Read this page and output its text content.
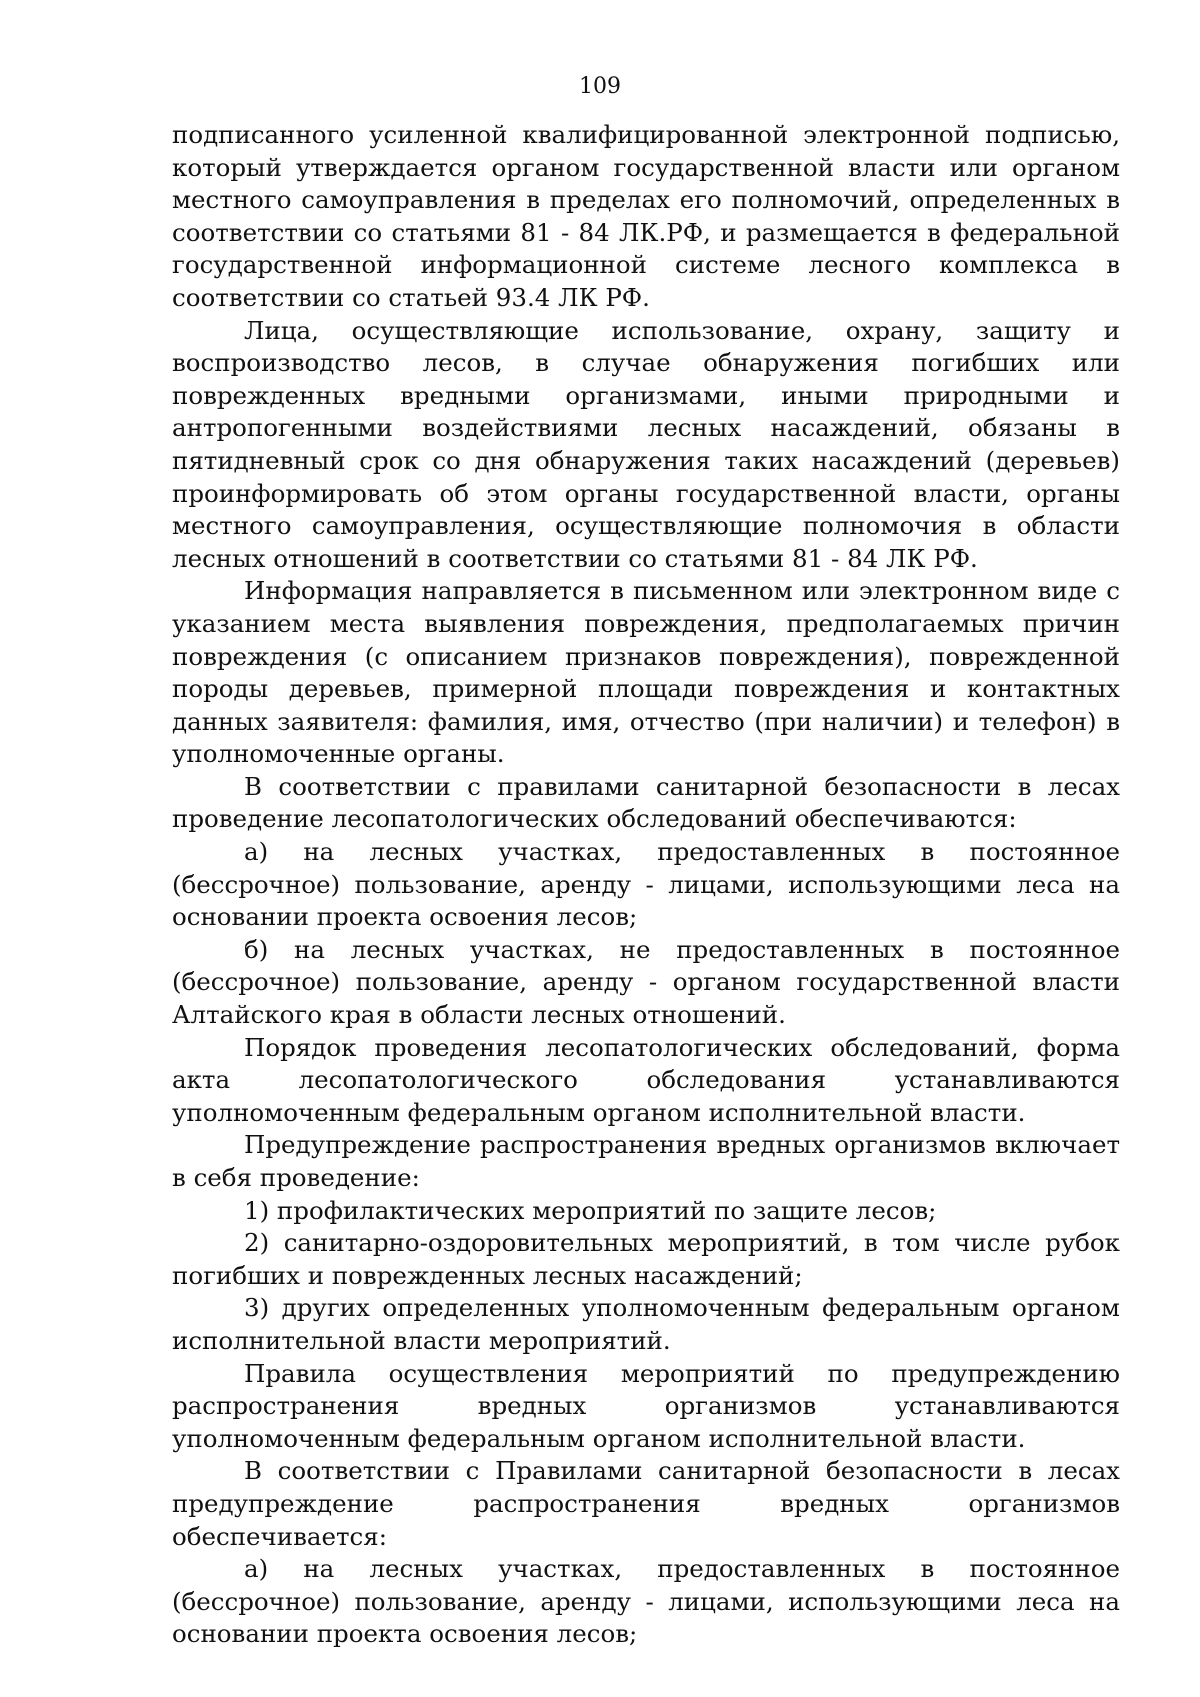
109

подписанного усиленной квалифицированной электронной подписью, который утверждается органом государственной власти или органом местного самоуправления в пределах его полномочий, определенных в соответствии со статьями 81 - 84 ЛК.РФ, и размещается в федеральной государственной информационной системе лесного комплекса в соответствии со статьей 93.4 ЛК РФ.

Лица, осуществляющие использование, охрану, защиту и воспроизводство лесов, в случае обнаружения погибших или поврежденных вредными организмами, иными природными и антропогенными воздействиями лесных насаждений, обязаны в пятидневный срок со дня обнаружения таких насаждений (деревьев) проинформировать об этом органы государственной власти, органы местного самоуправления, осуществляющие полномочия в области лесных отношений в соответствии со статьями 81 - 84 ЛК РФ.

Информация направляется в письменном или электронном виде с указанием места выявления повреждения, предполагаемых причин повреждения (с описанием признаков повреждения), поврежденной породы деревьев, примерной площади повреждения и контактных данных заявителя: фамилия, имя, отчество (при наличии) и телефон) в уполномоченные органы.

В соответствии с правилами санитарной безопасности в лесах проведение лесопатологических обследований обеспечиваются:

а) на лесных участках, предоставленных в постоянное (бессрочное) пользование, аренду - лицами, использующими леса на основании проекта освоения лесов;

б) на лесных участках, не предоставленных в постоянное (бессрочное) пользование, аренду - органом государственной власти Алтайского края в области лесных отношений.

Порядок проведения лесопатологических обследований, форма акта лесопатологического обследования устанавливаются уполномоченным федеральным органом исполнительной власти.

Предупреждение распространения вредных организмов включает в себя проведение:

1) профилактических мероприятий по защите лесов;

2) санитарно-оздоровительных мероприятий, в том числе рубок погибших и поврежденных лесных насаждений;

3) других определенных уполномоченным федеральным органом исполнительной власти мероприятий.

Правила осуществления мероприятий по предупреждению распространения вредных организмов устанавливаются уполномоченным федеральным органом исполнительной власти.

В соответствии с Правилами санитарной безопасности в лесах предупреждение распространения вредных организмов обеспечивается:

а) на лесных участках, предоставленных в постоянное (бессрочное) пользование, аренду - лицами, использующими леса на основании проекта освоения лесов;
